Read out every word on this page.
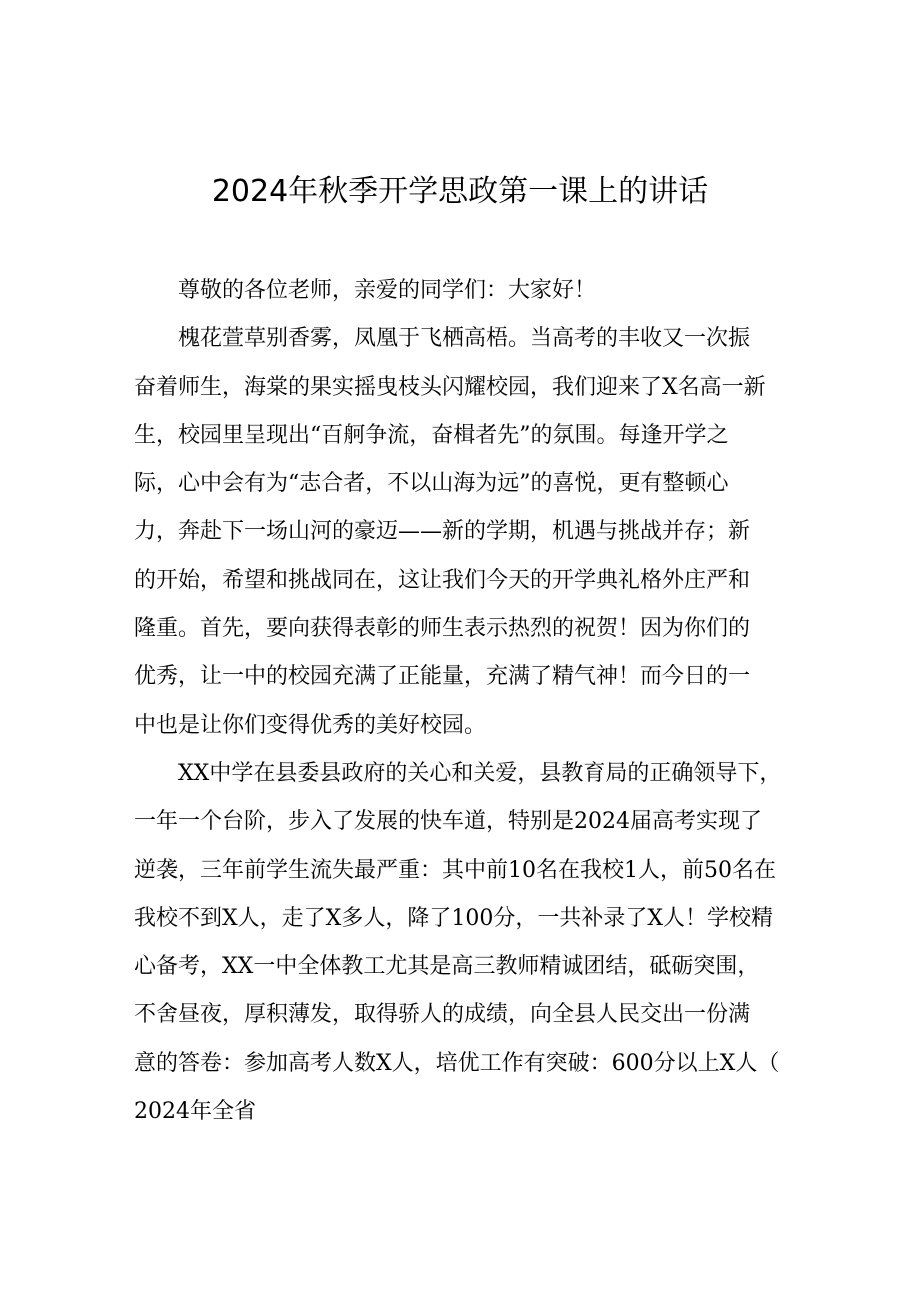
2024年秋季开学思政第一课上的讲话
尊敬的各位老师，亲爱的同学们：大家好！
槐花萱草别香雾，凤凰于飞栖高梧。当高考的丰收又一次振
奋着师生，海棠的果实摇曳枝头闪耀校园，我们迎来了X名高一新
生，校园里呈现出“百舸争流，奋楫者先”的氛围。每逢开学之
际，心中会有为“志合者，不以山海为远”的喜悦，更有整顿心
力，奔赴下一场山河的豪迈——新的学期，机遇与挑战并存；新
的开始，希望和挑战同在，这让我们今天的开学典礼格外庄严和
隆重。首先，要向获得表彰的师生表示热烈的祝贺！因为你们的
优秀，让一中的校园充满了正能量，充满了精气神！而今日的一
中也是让你们变得优秀的美好校园。
XX中学在县委县政府的关心和关爱，县教育局的正确领导下，
一年一个台阶，步入了发展的快车道，特别是2024届高考实现了
逆袭，三年前学生流失最严重：其中前10名在我校1人，前50名在
我校不到X人，走了X多人，降了100分，一共补录了X人！学校精
心备考，XX一中全体教工尤其是高三教师精诚团结，砥砺突围，
不舍昼夜，厚积薄发，取得骄人的成绩，向全县人民交出一份满
意的答卷：参加高考人数X人，培优工作有突破：600分以上X人（
2024年全省
